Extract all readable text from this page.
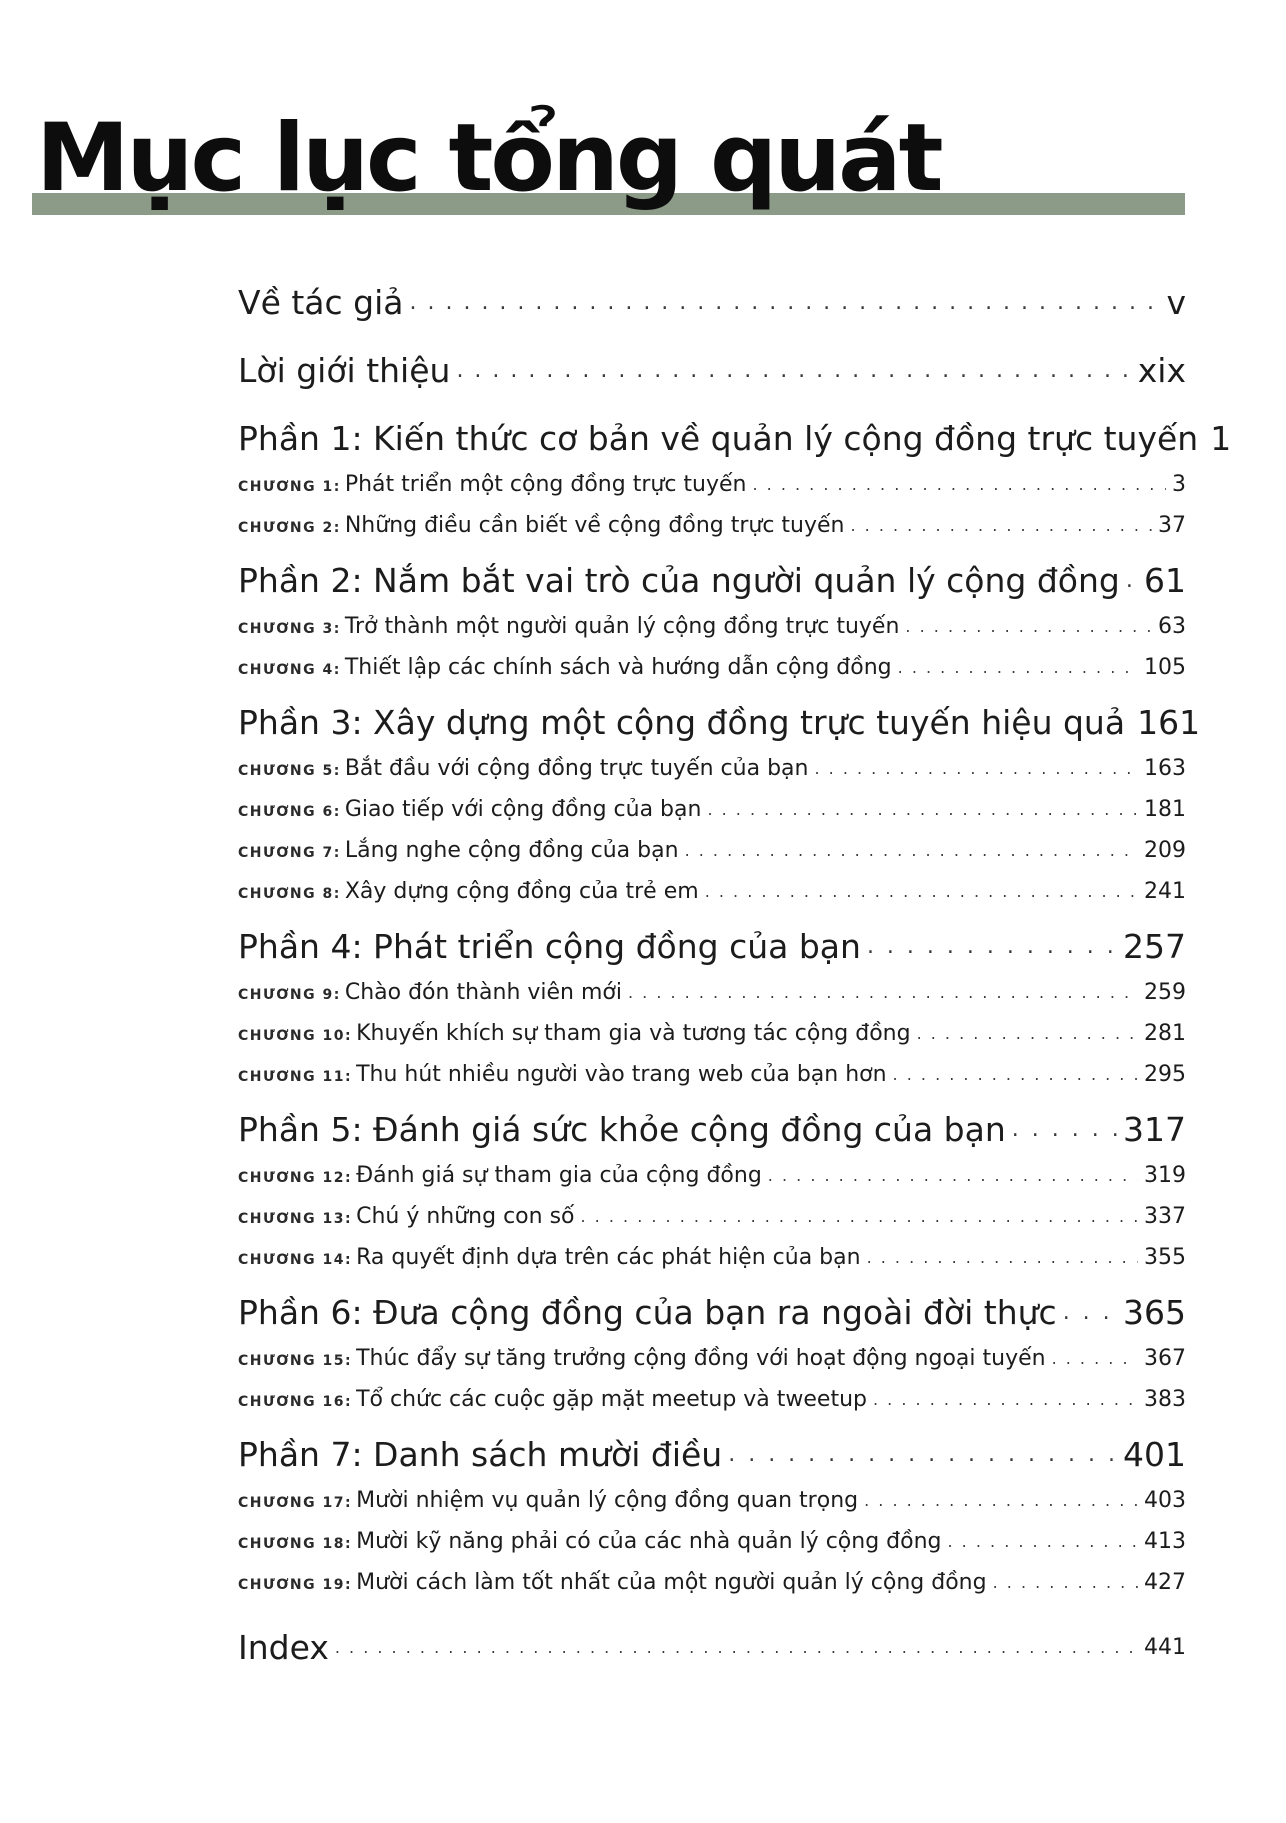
Mục lục tổng quát
Về tác giả . . .	v
Lời giới thiệu . . .	xix
Phần 1: Kiến thức cơ bản về quản lý cộng đồng trực tuyến 1
CHƯƠNG 1: Phát triển một cộng đồng trực tuyến . . .	3
CHƯƠNG 2: Những điều cần biết về cộng đồng trực tuyến . . .	37
Phần 2: Nắm bắt vai trò của người quản lý cộng đồng . . . 61
CHƯƠNG 3: Trở thành một người quản lý cộng đồng trực tuyến . . .	63
CHƯƠNG 4: Thiết lập các chính sách và hướng dẫn cộng đồng . . .	105
Phần 3: Xây dựng một cộng đồng trực tuyến hiệu quả 161
CHƯƠNG 5: Bắt đầu với cộng đồng trực tuyến của bạn . . .	163
CHƯƠNG 6: Giao tiếp với cộng đồng của bạn . . .	181
CHƯƠNG 7: Lắng nghe cộng đồng của bạn . . .	209
CHƯƠNG 8: Xây dựng cộng đồng của trẻ em . . .	241
Phần 4: Phát triển cộng đồng của bạn . . .	257
CHƯƠNG 9: Chào đón thành viên mới . . .	259
CHƯƠNG 10: Khuyến khích sự tham gia và tương tác cộng đồng . . .	281
CHƯƠNG 11: Thu hút nhiều người vào trang web của bạn hơn . . .	295
Phần 5: Đánh giá sức khỏe cộng đồng của bạn . . .	317
CHƯƠNG 12: Đánh giá sự tham gia của cộng đồng . . .	319
CHƯƠNG 13: Chú ý những con số . . .	337
CHƯƠNG 14: Ra quyết định dựa trên các phát hiện của bạn . . .	355
Phần 6: Đưa cộng đồng của bạn ra ngoài đời thực . . . 365
CHƯƠNG 15: Thúc đẩy sự tăng trưởng cộng đồng với hoạt động ngoại tuyến . . .	367
CHƯƠNG 16: Tổ chức các cuộc gặp mặt meetup và tweetup . . .	383
Phần 7: Danh sách mười điều . . .	401
CHƯƠNG 17: Mười nhiệm vụ quản lý cộng đồng quan trọng . . .	403
CHƯƠNG 18: Mười kỹ năng phải có của các nhà quản lý cộng đồng . . .	413
CHƯƠNG 19: Mười cách làm tốt nhất của một người quản lý cộng đồng . . .	427
Index . . .	441
